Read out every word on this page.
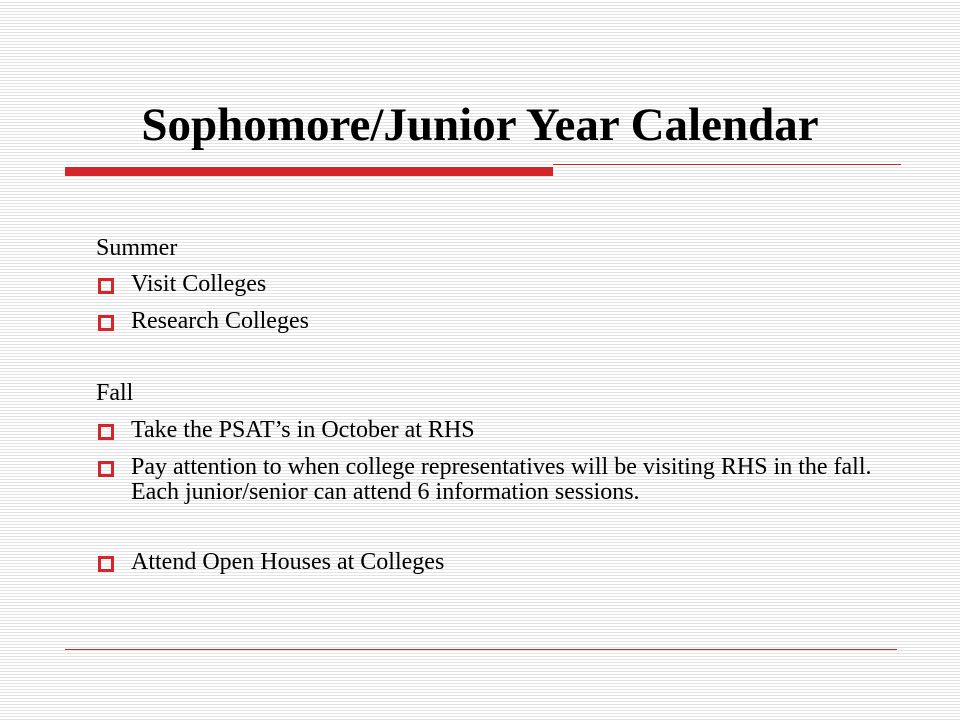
Sophomore/Junior Year Calendar
Summer
Visit Colleges
Research Colleges
Fall
Take the PSAT’s in October at RHS
Pay attention to when college representatives will be visiting RHS in the fall. Each junior/senior can attend 6 information sessions.
Attend Open Houses at Colleges
